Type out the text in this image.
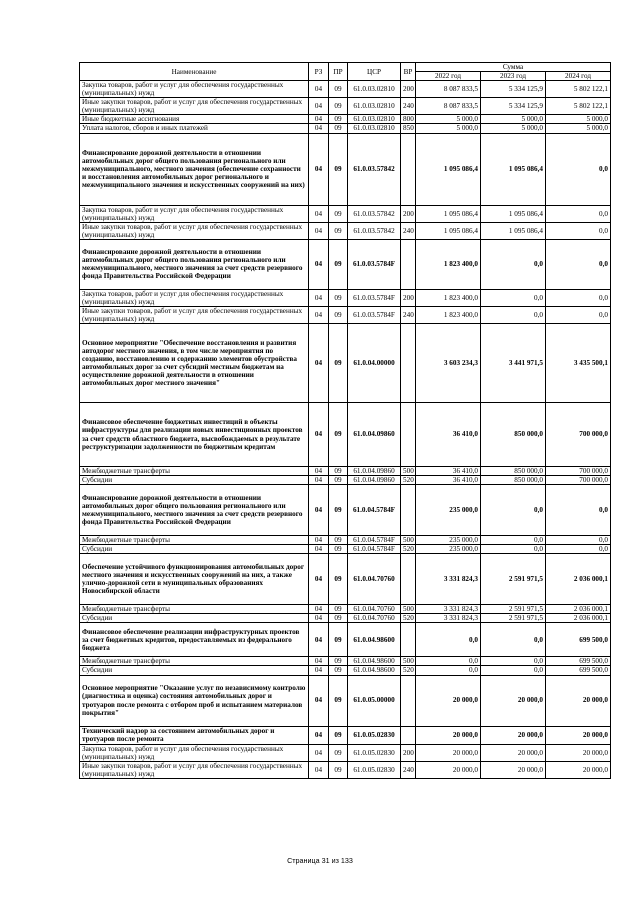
Наименование	РЗ	ПР	ЦСР	ВР	Сумма		
					2022 год	2023 год	2024 год
Закупка товаров, работ и услуг для обеспечения государственных (муниципальных) нужд	04	09	61.0.03.02810	200	8 087 833,5	5 334 125,9	5 802 122,1
Иные закупки товаров, работ и услуг для обеспечения государственных (муниципальных) нужд	04	09	61.0.03.02810	240	8 087 833,5	5 334 125,9	5 802 122,1
Иные бюджетные ассигнования	04	09	61.0.03.02810	800	5 000,0	5 000,0	5 000,0
Уплата налогов, сборов и иных платежей	04	09	61.0.03.02810	850	5 000,0	5 000,0	5 000,0
Финансирование дорожной деятельности в отношении автомобильных дорог общего пользования регионального или межмуниципального, местного значения (обеспечение сохранности и восстановления автомобильных дорог регионального и межмуниципального значения и искусственных сооружений на них)	04	09	61.0.03.57842		1 095 086,4	1 095 086,4	0,0
Закупка товаров, работ и услуг для обеспечения государственных (муниципальных) нужд	04	09	61.0.03.57842	200	1 095 086,4	1 095 086,4	0,0
Иные закупки товаров, работ и услуг для обеспечения государственных (муниципальных) нужд	04	09	61.0.03.57842	240	1 095 086,4	1 095 086,4	0,0
Финансирование дорожной деятельности в отношении автомобильных дорог общего пользования регионального или межмуниципального, местного значения за счет средств резервного фонда Правительства Российской Федерации	04	09	61.0.03.5784F		1 823 400,0	0,0	0,0
Закупка товаров, работ и услуг для обеспечения государственных (муниципальных) нужд	04	09	61.0.03.5784F	200	1 823 400,0	0,0	0,0
Иные закупки товаров, работ и услуг для обеспечения государственных (муниципальных) нужд	04	09	61.0.03.5784F	240	1 823 400,0	0,0	0,0
Основное мероприятие "Обеспечение восстановления и развития автодорог местного значения, в том числе мероприятия по созданию, восстановлению и содержанию элементов обустройства автомобильных дорог за счет субсидий местным бюджетам на осуществление дорожной деятельности в отношении автомобильных дорог местного значения"	04	09	61.0.04.00000		3 603 234,3	3 441 971,5	3 435 500,1
Финансовое обеспечение бюджетных инвестиций в объекты инфраструктуры для реализации новых инвестиционных проектов за счет средств областного бюджета, высвобождаемых в результате реструктуризации задолженности по бюджетным кредитам	04	09	61.0.04.09860		36 410,0	850 000,0	700 000,0
Межбюджетные трансферты	04	09	61.0.04.09860	500	36 410,0	850 000,0	700 000,0
Субсидии	04	09	61.0.04.09860	520	36 410,0	850 000,0	700 000,0
Финансирование дорожной деятельности в отношении автомобильных дорог общего пользования регионального или межмуниципального, местного значения за счет средств резервного фонда Правительства Российской Федерации	04	09	61.0.04.5784F		235 000,0	0,0	0,0
Межбюджетные трансферты	04	09	61.0.04.5784F	500	235 000,0	0,0	0,0
Субсидии	04	09	61.0.04.5784F	520	235 000,0	0,0	0,0
Обеспечение устойчивого функционирования автомобильных дорог местного значения и искусственных сооружений на них, а также улично-дорожной сети в муниципальных образованиях Новосибирской области	04	09	61.0.04.70760		3 331 824,3	2 591 971,5	2 036 000,1
Межбюджетные трансферты	04	09	61.0.04.70760	500	3 331 824,3	2 591 971,5	2 036 000,1
Субсидии	04	09	61.0.04.70760	520	3 331 824,3	2 591 971,5	2 036 000,1
Финансовое обеспечение реализации инфраструктурных проектов за счет бюджетных кредитов, предоставляемых из федерального бюджета	04	09	61.0.04.98600		0,0	0,0	699 500,0
Межбюджетные трансферты	04	09	61.0.04.98600	500	0,0	0,0	699 500,0
Субсидии	04	09	61.0.04.98600	520	0,0	0,0	699 500,0
Основное мероприятие "Оказание услуг по независимому контролю (диагностика и оценка) состояния автомобильных дорог и тротуаров после ремонта с отбором проб и испытанием материалов покрытия"	04	09	61.0.05.00000		20 000,0	20 000,0	20 000,0
Технический надзор за состоянием автомобильных дорог и тротуаров после ремонта	04	09	61.0.05.02830		20 000,0	20 000,0	20 000,0
Закупка товаров, работ и услуг для обеспечения государственных (муниципальных) нужд	04	09	61.0.05.02830	200	20 000,0	20 000,0	20 000,0
Иные закупки товаров, работ и услуг для обеспечения государственных (муниципальных) нужд	04	09	61.0.05.02830	240	20 000,0	20 000,0	20 000,0
Страница 31 из 133
